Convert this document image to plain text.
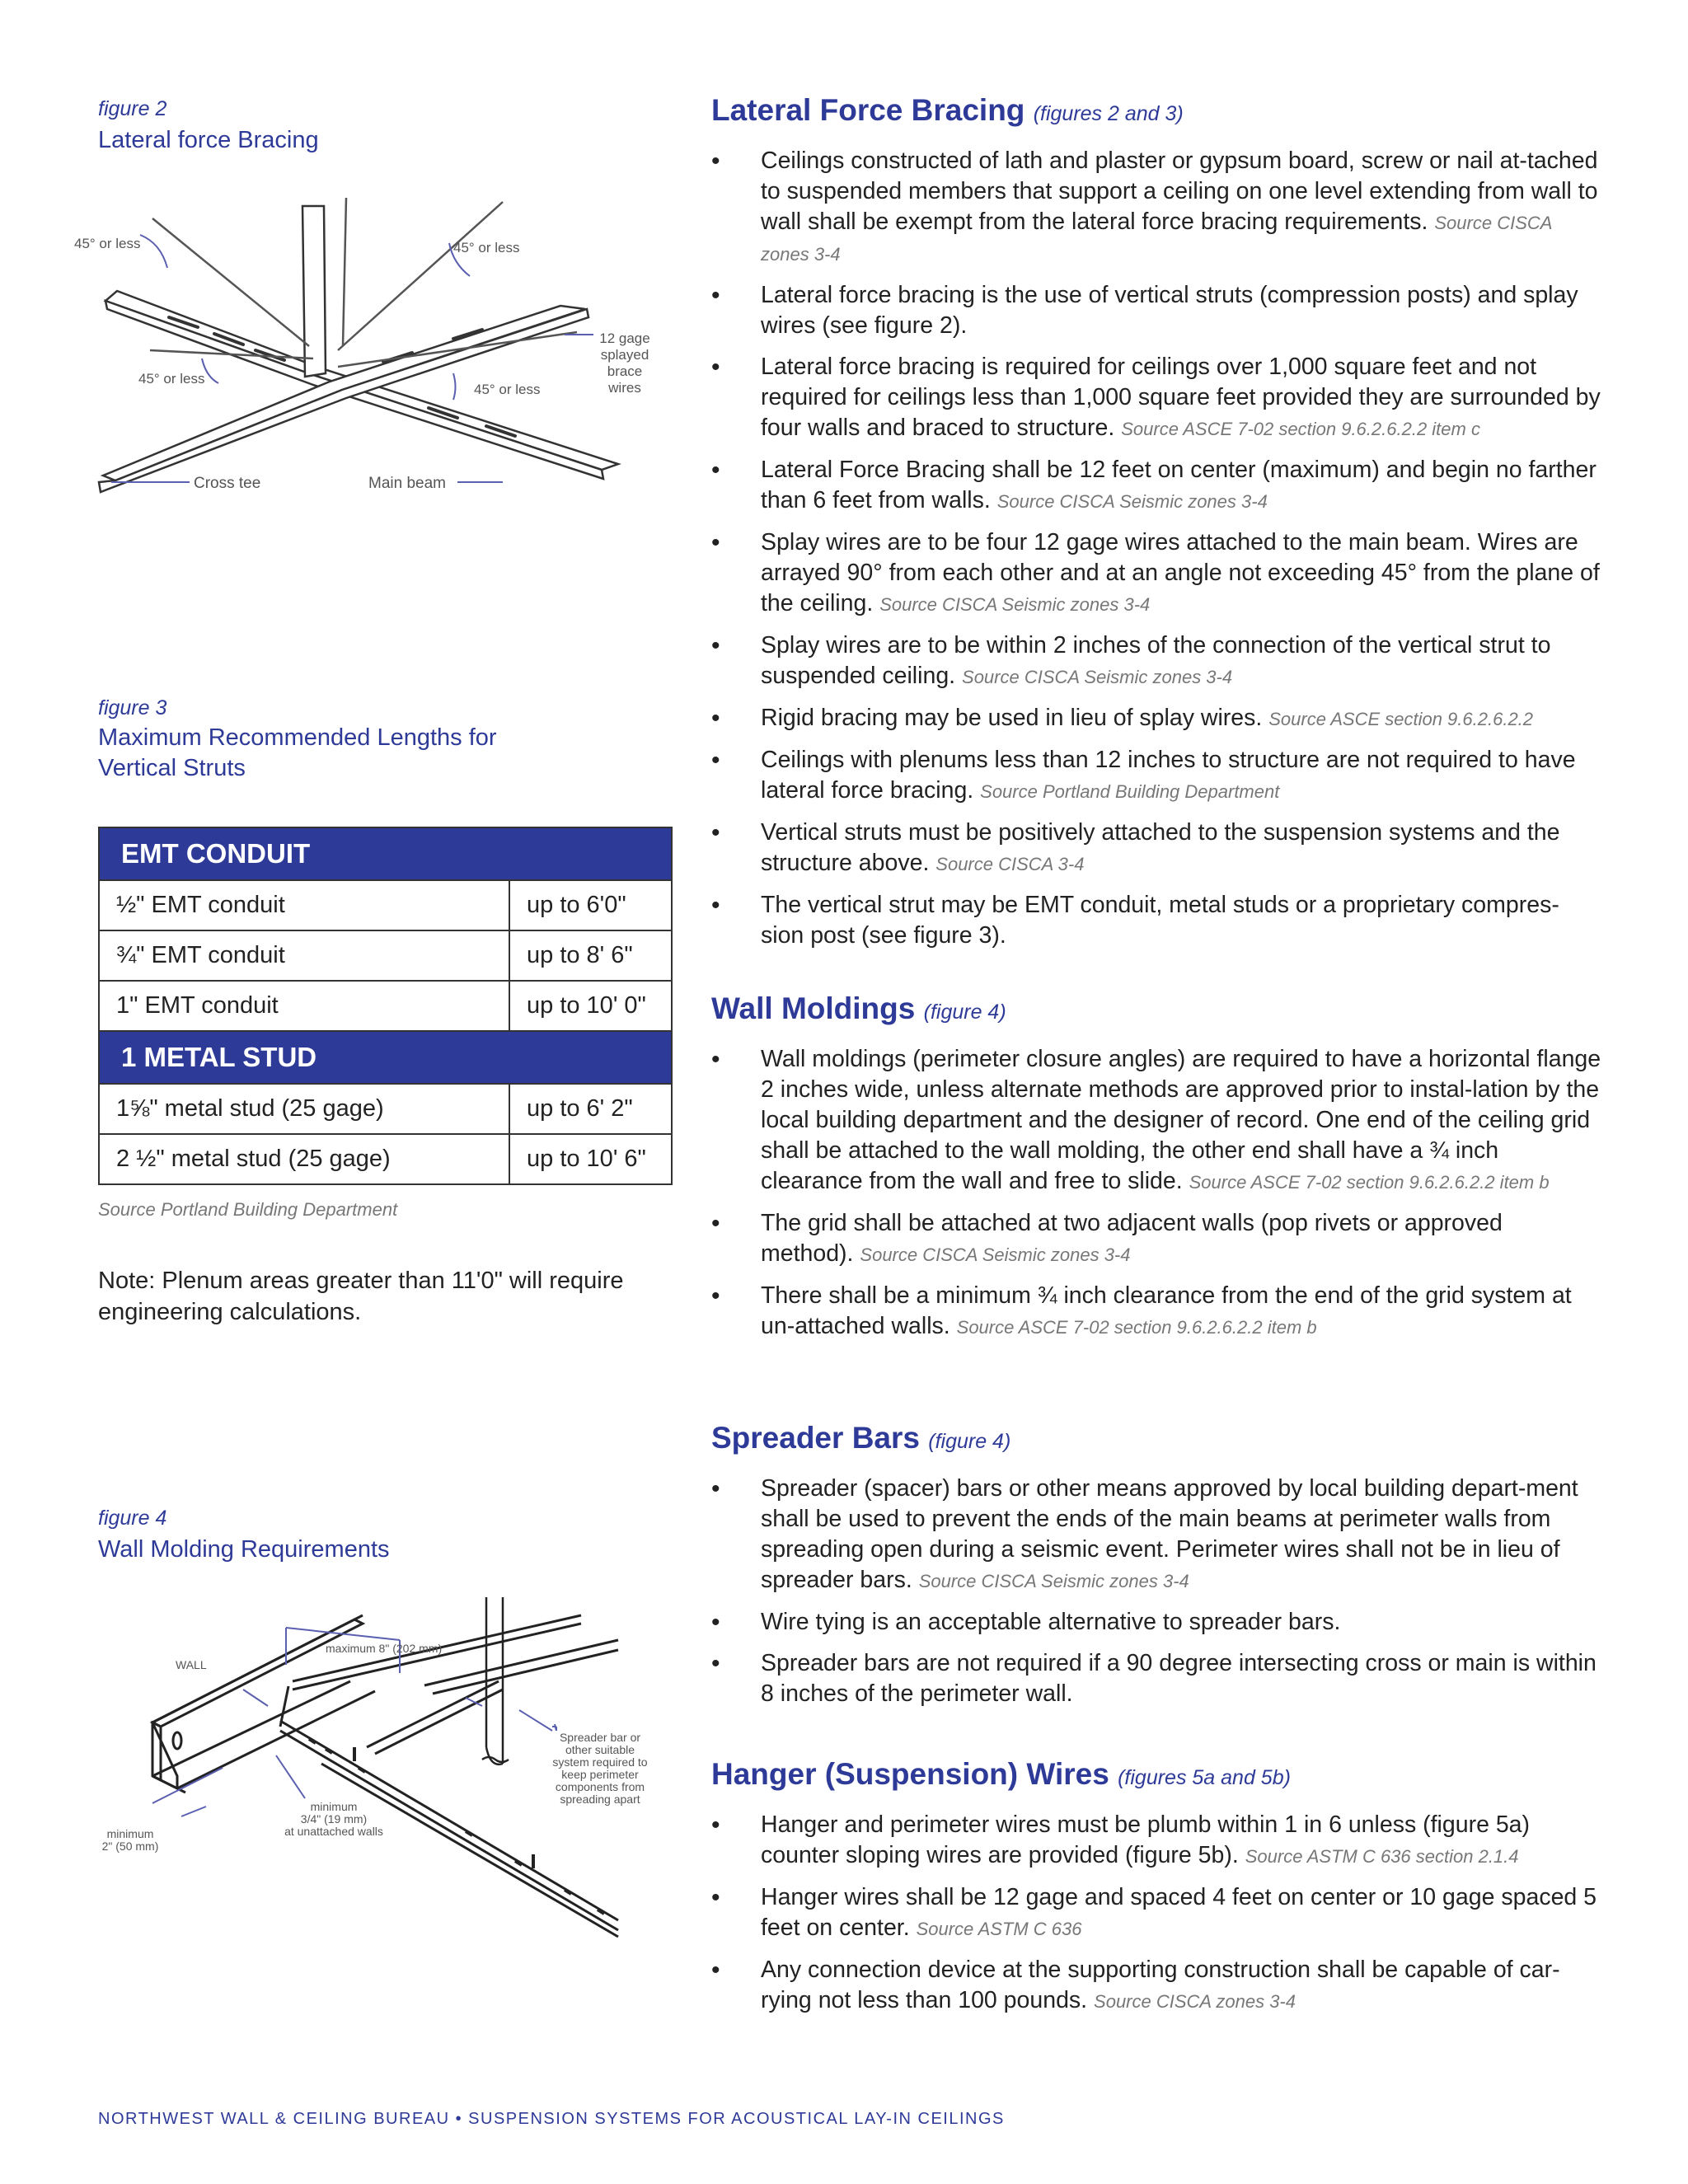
figure 2
Lateral force Bracing
45° or less	45° or less
45° or less
45° or less
12 gage
splayed
brace
wires
Cross tee	Main beam
figure 3
Maximum Recommended Lengths for
Vertical Struts
EMT CONDUIT	
½" EMT conduit	up to 6'0"
¾" EMT conduit	up to 8' 6"
1" EMT conduit	up to 10' 0"
1 METAL STUD	
1⅝" metal stud (25 gage)	up to 6' 2"
2 ½" metal stud (25 gage)	up to 10' 6"
Source Portland Building Department
Note: Plenum areas greater than 11'0" will require
engineering calculations.
figure 4
Wall Molding Requirements
WALL
maximum 8" (202 mm)
Spreader bar or
other suitable
system required to
keep perimeter
components from
spreading apart
minimum
3/4" (19 mm)
at unattached walls
minimum
2" (50 mm)
Lateral Force Bracing (figures 2 and 3)
• Ceilings constructed of lath and plaster or gypsum board, screw or nail at-tached to suspended members that support a ceiling on one level extending from wall to wall shall be exempt from the lateral force bracing requirements. Source CISCA zones 3-4
• Lateral force bracing is the use of vertical struts (compression posts) and splay wires (see figure 2).
• Lateral force bracing is required for ceilings over 1,000 square feet and not required for ceilings less than 1,000 square feet provided they are surrounded by four walls and braced to structure. Source ASCE 7-02 section 9.6.2.6.2.2 item c
• Lateral Force Bracing shall be 12 feet on center (maximum) and begin no farther than 6 feet from walls. Source CISCA Seismic zones 3-4
• Splay wires are to be four 12 gage wires attached to the main beam. Wires are arrayed 90° from each other and at an angle not exceeding 45° from the plane of the ceiling. Source CISCA Seismic zones 3-4
• Splay wires are to be within 2 inches of the connection of the vertical strut to suspended ceiling. Source CISCA Seismic zones 3-4
• Rigid bracing may be used in lieu of splay wires. Source ASCE section 9.6.2.6.2.2
• Ceilings with plenums less than 12 inches to structure are not required to have lateral force bracing. Source Portland Building Department
• Vertical struts must be positively attached to the suspension systems and the structure above. Source CISCA 3-4
• The vertical strut may be EMT conduit, metal studs or a proprietary compres-sion post (see figure 3).
Wall Moldings (figure 4)
• Wall moldings (perimeter closure angles) are required to have a horizontal flange 2 inches wide, unless alternate methods are approved prior to instal-lation by the local building department and the designer of record. One end of the ceiling grid shall be attached to the wall molding, the other end shall have a ¾ inch clearance from the wall and free to slide. Source ASCE 7-02 section 9.6.2.6.2.2 item b
• The grid shall be attached at two adjacent walls (pop rivets or approved method). Source CISCA Seismic zones 3-4
• There shall be a minimum ¾ inch clearance from the end of the grid system at un-attached walls. Source ASCE 7-02 section 9.6.2.6.2.2 item b
Spreader Bars (figure 4)
• Spreader (spacer) bars or other means approved by local building depart-ment shall be used to prevent the ends of the main beams at perimeter walls from spreading open during a seismic event. Perimeter wires shall not be in lieu of spreader bars. Source CISCA Seismic zones 3-4
• Wire tying is an acceptable alternative to spreader bars.
• Spreader bars are not required if a 90 degree intersecting cross or main is within 8 inches of the perimeter wall.
Hanger (Suspension) Wires (figures 5a and 5b)
• Hanger and perimeter wires must be plumb within 1 in 6 unless (figure 5a) counter sloping wires are provided (figure 5b). Source ASTM C 636 section 2.1.4
• Hanger wires shall be 12 gage and spaced 4 feet on center or 10 gage spaced 5 feet on center. Source ASTM C 636
• Any connection device at the supporting construction shall be capable of car-rying not less than 100 pounds. Source CISCA zones 3-4
NORTHWEST WALL & CEILING BUREAU • SUSPENSION SYSTEMS FOR ACOUSTICAL LAY-IN CEILINGS
